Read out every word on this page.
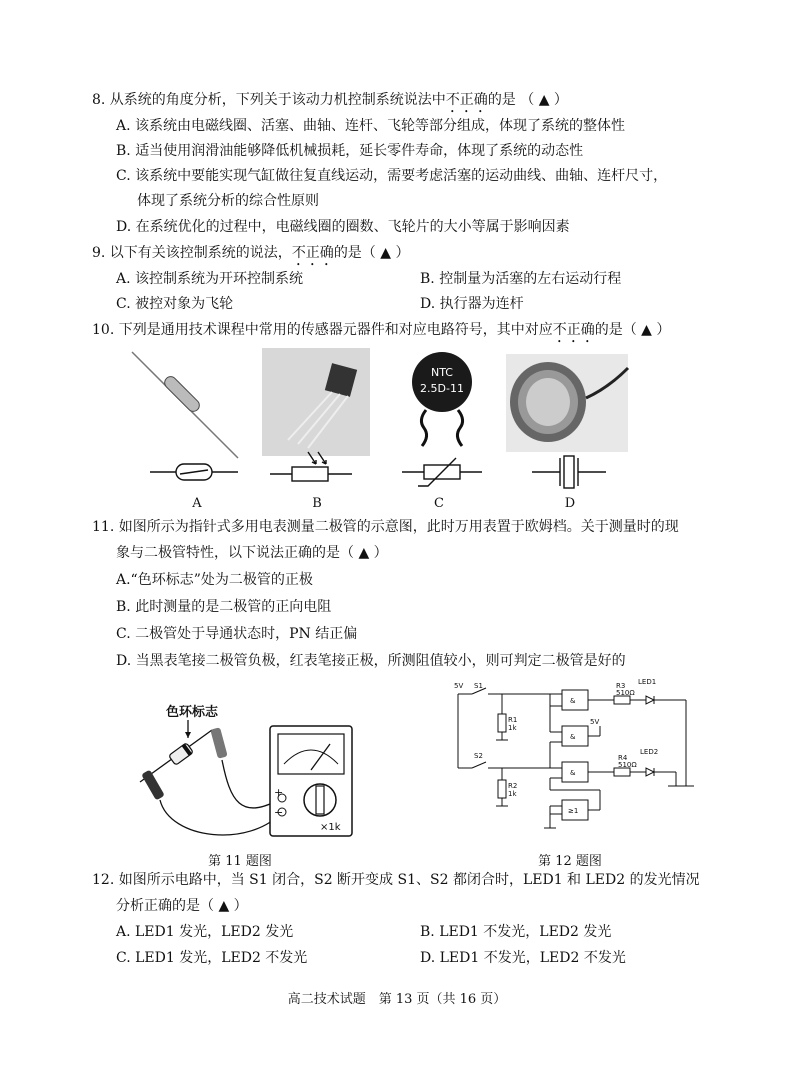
8. 从系统的角度分析，下列关于该动力机控制系统说法中不正确的是 （ ▲ ）
A. 该系统由电磁线圈、活塞、曲轴、连杆、飞轮等部分组成，体现了系统的整体性
B. 适当使用润滑油能够降低机械损耗，延长零件寿命，体现了系统的动态性
C. 该系统中要能实现气缸做往复直线运动，需要考虑活塞的运动曲线、曲轴、连杆尺寸，
体现了系统分析的综合性原则
D. 在系统优化的过程中，电磁线圈的圈数、飞轮片的大小等属于影响因素
9. 以下有关该控制系统的说法，不正确的是（ ▲ ）
A. 该控制系统为开环控制系统	B. 控制量为活塞的左右运动行程
C. 被控对象为飞轮	D. 执行器为连杆
10. 下列是通用技术课程中常用的传感器元器件和对应电路符号，其中对应不正确的是（ ▲ ）
NTC
2.5D-11
A	B	C	D
11. 如图所示为指针式多用电表测量二极管的示意图，此时万用表置于欧姆档。关于测量时的现
象与二极管特性，以下说法正确的是（ ▲ ）
A.“色环标志”处为二极管的正极
B. 此时测量的是二极管的正向电阻
C. 二极管处于导通状态时，PN 结正偏
D. 当黑表笔接二极管负极，红表笔接正极，所测阻值较小，则可判定二极管是好的
色环标志
+
−
×1k
第 11 题图
5V S1
S2
R1
1k
R2
1k
R3
510Ω
R4
510Ω
LED1
LED2
&
&
&
≥1
5V
第 12 题图
12. 如图所示电路中，当 S1 闭合，S2 断开变成 S1、S2 都闭合时，LED1 和 LED2 的发光情况
分析正确的是（ ▲ ）
A. LED1 发光，LED2 发光	B. LED1 不发光，LED2 发光
C. LED1 发光，LED2 不发光	D. LED1 不发光，LED2 不发光
高二技术试题　第 13 页（共 16 页）
